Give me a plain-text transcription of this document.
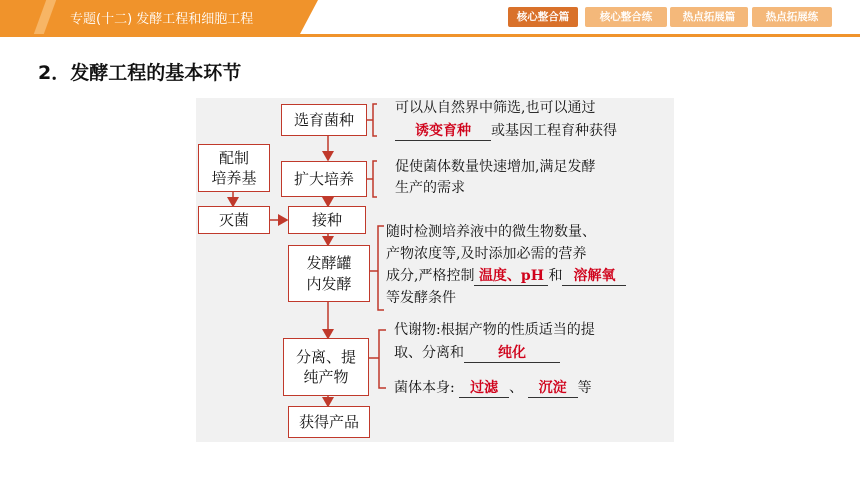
专题(十二) 发酵工程和细胞工程	核心整合篇	核心整合练	热点拓展篇	热点拓展练
2．发酵工程的基本环节
选育菌种
配制
培养基	扩大培养
灭菌	接种
发酵罐
内发酵
分离、提
纯产物
获得产品
可以从自然界中筛选,也可以通过
诱变育种 或基因工程育种获得
促使菌体数量快速增加,满足发酵
生产的需求
随时检测培养液中的微生物数量、
产物浓度等,及时添加必需的营养
成分,严格控制 温度、pH 和 溶解氧
等发酵条件
代谢物:根据产物的性质适当的提
取、分离和 纯化
菌体本身: 过滤 、 沉淀 等
